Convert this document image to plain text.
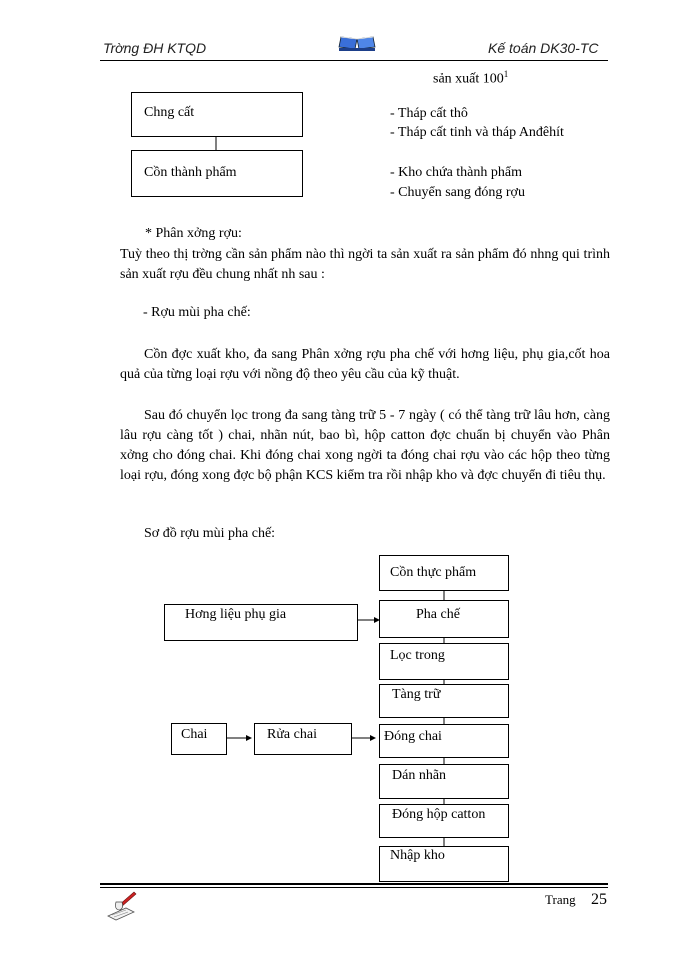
Trờng ĐH KTQD	Kế toán DK30-TC
sản xuất $100^1$
Chng cất
Cồn thành phẩm
- Tháp cất thô
- Tháp cất tinh và tháp Anđêhít
- Kho chứa thành phẩm
- Chuyển sang đóng rợu
* Phân xởng rợu:

Tuỳ theo thị trờng cần sản phẩm nào thì ngời ta sản xuất ra sản phẩm đó nhng qui trình sản xuất rợu đều chung nhất nh sau :

- Rợu mùi pha chế:

Cồn đợc xuất kho, đa sang Phân xởng rợu pha chế với hơng liệu, phụ gia,cốt hoa quả của từng loại rợu với nồng độ theo yêu cầu của kỹ thuật.

Sau đó chuyển lọc trong đa sang tàng trữ 5 - 7 ngày ( có thể tàng trữ lâu hơn, càng lâu rợu càng tốt ) chai, nhãn nút, bao bì, hộp catton đợc chuẩn bị chuyển vào Phân xởng cho đóng chai. Khi đóng chai xong ngời ta đóng chai rợu vào các hộp theo từng loại rợu, đóng xong đợc bộ phận KCS kiểm tra rồi nhập kho và đợc chuyển đi tiêu thụ.

Sơ đồ rợu mùi pha chế:
Cồn thực phẩm
Pha chế
Lọc trong
Tàng trữ
Đóng chai
Dán nhãn
Đóng hộp catton
Nhập kho
Hơng liệu phụ gia
Chai	Rửa chai
Trang 25
